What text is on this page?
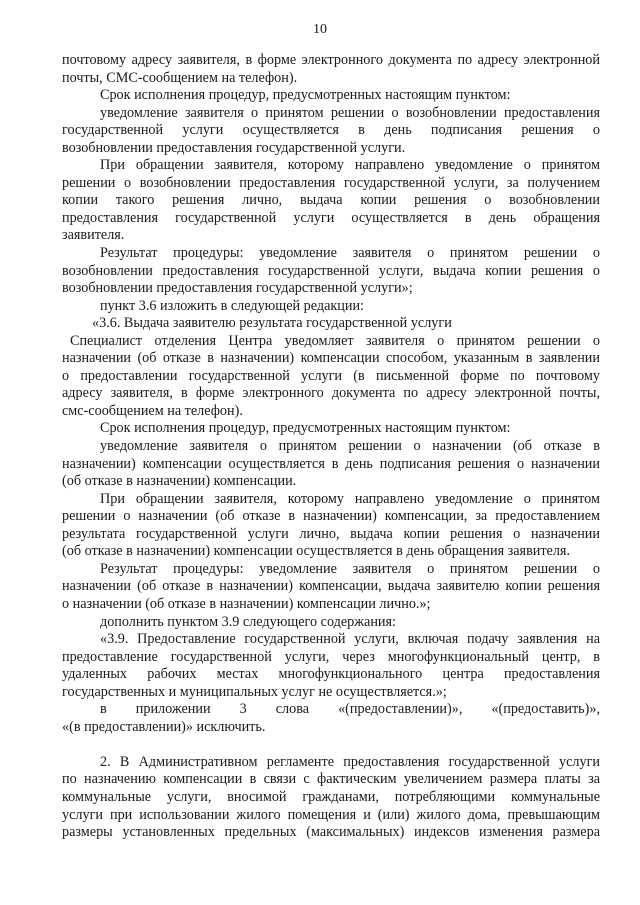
10
почтовому адресу заявителя, в форме электронного документа по адресу электронной
почты, СМС-сообщением на телефон).
Срок исполнения процедур, предусмотренных настоящим пунктом:
уведомление заявителя о принятом решении о возобновлении предоставления
государственной услуги осуществляется в день подписания решения о
возобновлении предоставления государственной услуги.
При обращении заявителя, которому направлено уведомление о принятом
решении о возобновлении предоставления государственной услуги, за получением
копии такого решения лично, выдача копии решения о возобновлении
предоставления государственной услуги осуществляется в день обращения
заявителя.
Результат процедуры: уведомление заявителя о принятом решении о
возобновлении предоставления государственной услуги, выдача копии решения о
возобновлении предоставления государственной услуги»;
пункт 3.6 изложить в следующей редакции:
«3.6. Выдача заявителю результата государственной услуги
Специалист отделения Центра уведомляет заявителя о принятом решении о
назначении (об отказе в назначении) компенсации способом, указанным в заявлении
о предоставлении государственной услуги (в письменной форме по почтовому
адресу заявителя, в форме электронного документа по адресу электронной почты,
смс-сообщением на телефон).
Срок исполнения процедур, предусмотренных настоящим пунктом:
уведомление заявителя о принятом решении о назначении (об отказе в
назначении) компенсации осуществляется в день подписания решения о назначении
(об отказе в назначении) компенсации.
При обращении заявителя, которому направлено уведомление о принятом
решении о назначении (об отказе в назначении) компенсации, за предоставлением
результата государственной услуги лично, выдача копии решения о назначении
(об отказе в назначении) компенсации осуществляется в день обращения заявителя.
Результат процедуры: уведомление заявителя о принятом решении о
назначении (об отказе в назначении) компенсации, выдача заявителю копии решения
о назначении (об отказе в назначении) компенсации лично.»;
дополнить пунктом 3.9 следующего содержания:
«3.9. Предоставление государственной услуги, включая подачу заявления на
предоставление государственной услуги, через многофункциональный центр, в
удаленных рабочих местах многофункционального центра предоставления
государственных и муниципальных услуг не осуществляется.»;
в приложении 3 слова «(предоставлении)», «(предоставить)»,
«(в предоставлении)» исключить.
2. В Административном регламенте предоставления государственной услуги
по назначению компенсации в связи с фактическим увеличением размера платы за
коммунальные услуги, вносимой гражданами, потребляющими коммунальные
услуги при использовании жилого помещения и (или) жилого дома, превышающим
размеры установленных предельных (максимальных) индексов изменения размера
